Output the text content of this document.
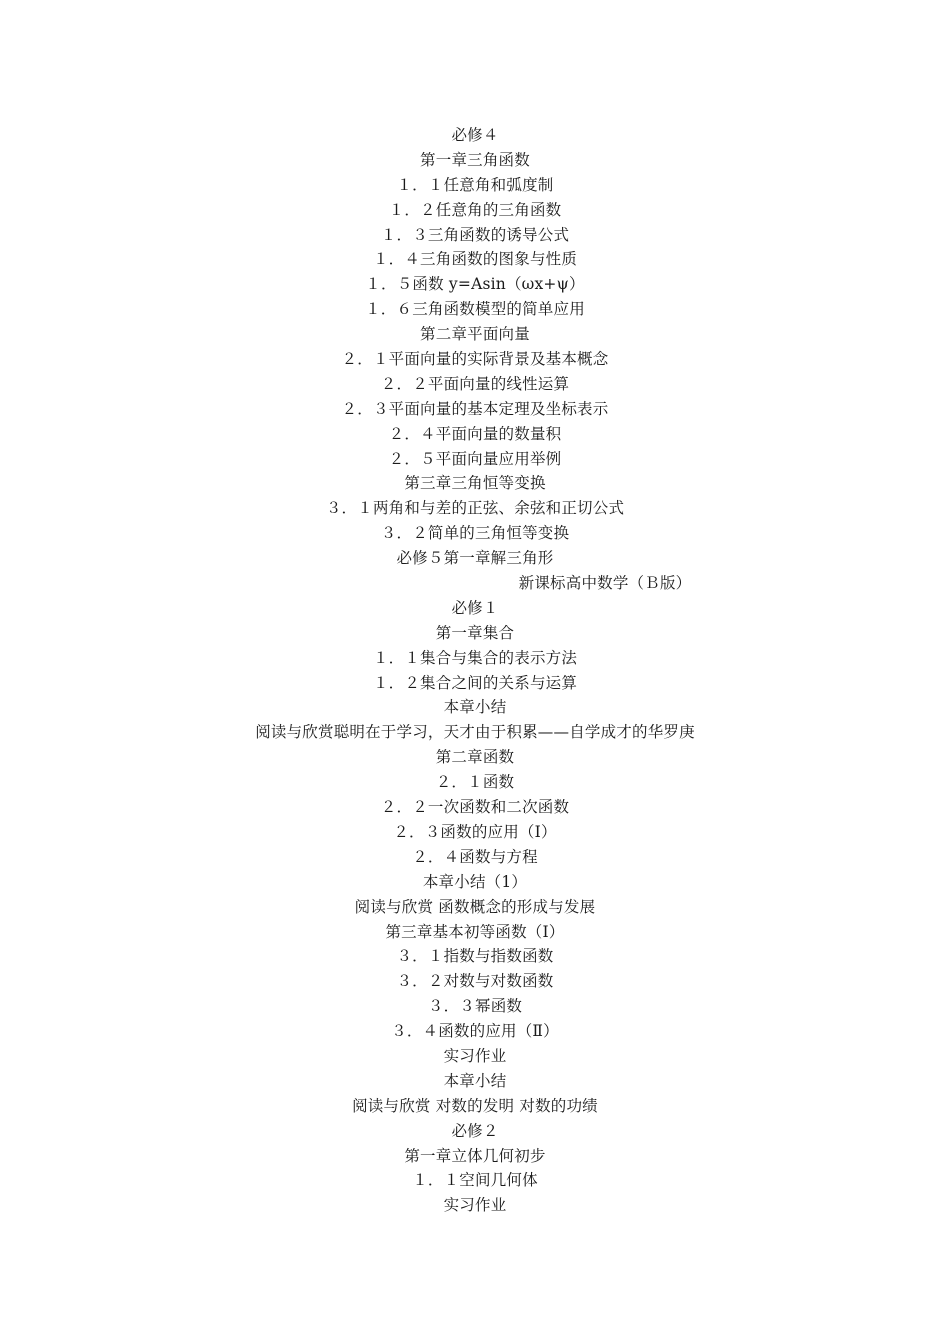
必修４
第一章三角函数
１．１任意角和弧度制
１．２任意角的三角函数
１．３三角函数的诱导公式
１．４三角函数的图象与性质
１．５函数 y=Asin（ωx+ψ）
１．６三角函数模型的简单应用
第二章平面向量
２．１平面向量的实际背景及基本概念
２．２平面向量的线性运算
２．３平面向量的基本定理及坐标表示
２．４平面向量的数量积
２．５平面向量应用举例
第三章三角恒等变换
３．１两角和与差的正弦、余弦和正切公式
３．２简单的三角恒等变换
必修５第一章解三角形
新课标高中数学（Ｂ版）
必修１
第一章集合
１．１集合与集合的表示方法
１．２集合之间的关系与运算
本章小结
阅读与欣赏聪明在于学习，天才由于积累——自学成才的华罗庚
第二章函数
２．１函数
２．２一次函数和二次函数
２．３函数的应用（Ⅰ）
２．４函数与方程
本章小结（1）
阅读与欣赏 函数概念的形成与发展
第三章基本初等函数（Ⅰ）
３．１指数与指数函数
３．２对数与对数函数
３．３幂函数
３．４函数的应用（Ⅱ）
实习作业
本章小结
阅读与欣赏 对数的发明 对数的功绩
必修２
第一章立体几何初步
１．１空间几何体
实习作业
